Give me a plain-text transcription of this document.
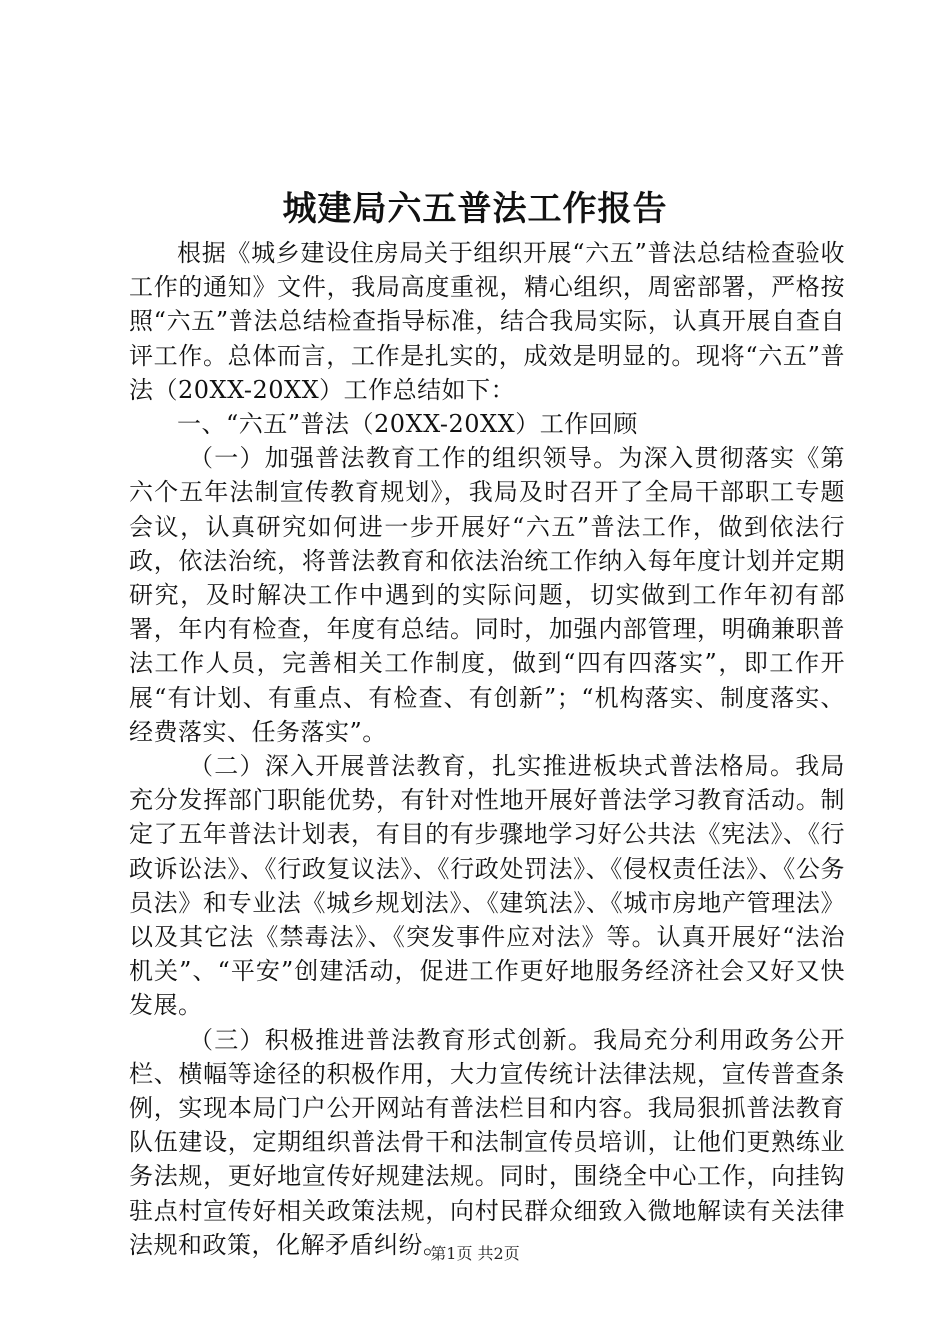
城建局六五普法工作报告

根据《城乡建设住房局关于组织开展“六五”普法总结检查验收工作的通知》文件，我局高度重视，精心组织，周密部署，严格按照“六五”普法总结检查指导标准，结合我局实际，认真开展自查自评工作。总体而言，工作是扎实的，成效是明显的。现将“六五”普法（20XX-20XX）工作总结如下：

一、“六五”普法（20XX-20XX）工作回顾

（一）加强普法教育工作的组织领导。为深入贯彻落实《第六个五年法制宣传教育规划》，我局及时召开了全局干部职工专题会议，认真研究如何进一步开展好“六五”普法工作，做到依法行政，依法治统，将普法教育和依法治统工作纳入每年度计划并定期研究，及时解决工作中遇到的实际问题，切实做到工作年初有部署，年内有检查，年度有总结。同时，加强内部管理，明确兼职普法工作人员，完善相关工作制度，做到“四有四落实”，即工作开展“有计划、有重点、有检查、有创新”；“机构落实、制度落实、经费落实、任务落实”。

（二）深入开展普法教育，扎实推进板块式普法格局。我局充分发挥部门职能优势，有针对性地开展好普法学习教育活动。制定了五年普法计划表，有目的有步骤地学习好公共法《宪法》、《行政诉讼法》、《行政复议法》、《行政处罚法》、《侵权责任法》、《公务员法》和专业法《城乡规划法》、《建筑法》、《城市房地产管理法》以及其它法《禁毒法》、《突发事件应对法》等。认真开展好“法治机关”、“平安”创建活动，促进工作更好地服务经济社会又好又快发展。

（三）积极推进普法教育形式创新。我局充分利用政务公开栏、横幅等途径的积极作用，大力宣传统计法律法规，宣传普查条例，实现本局门户公开网站有普法栏目和内容。我局狠抓普法教育队伍建设，定期组织普法骨干和法制宣传员培训，让他们更熟练业务法规，更好地宣传好规建法规。同时，围绕全中心工作，向挂钩驻点村宣传好相关政策法规，向村民群众细致入微地解读有关法律法规和政策，化解矛盾纠纷。

第1页 共2页
